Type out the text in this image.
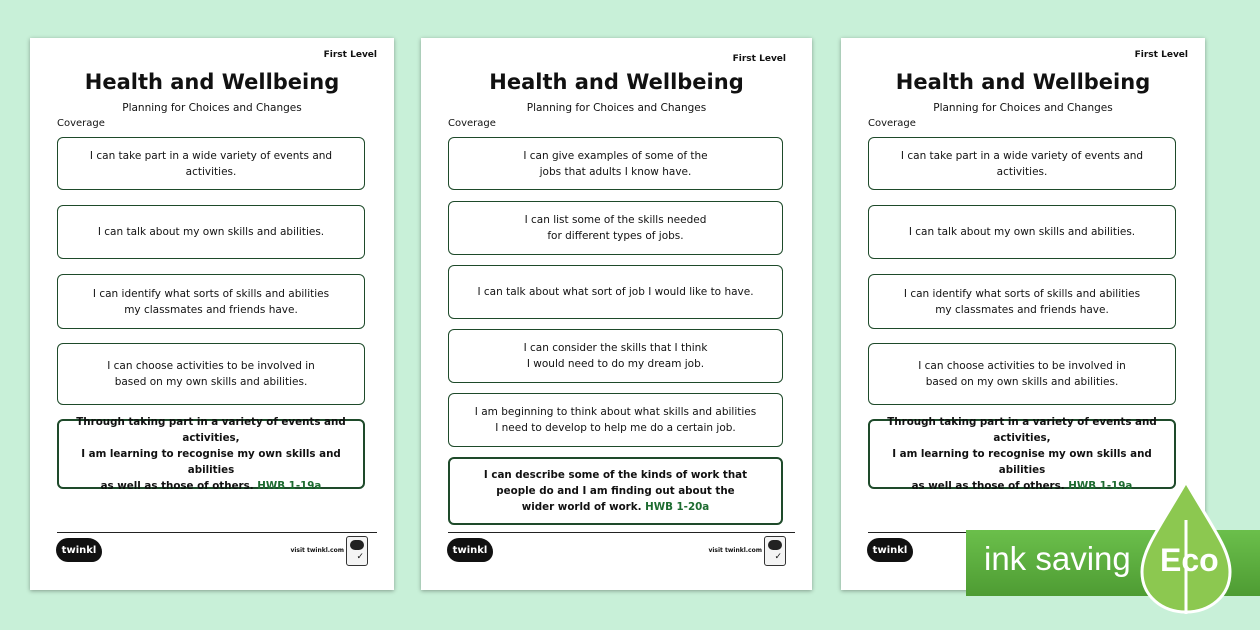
First Level
Health and Wellbeing
Planning for Choices and Changes
Coverage
I can take part in a wide variety of events and activities.
I can talk about my own skills and abilities.
I can identify what sorts of skills and abilities
my classmates and friends have.
I can choose activities to be involved in
based on my own skills and abilities.
Through taking part in a variety of events and activities,
I am learning to recognise my own skills and abilities
as well as those of others. HWB 1-19a
twinkl	visit twinkl.com
✓
First Level
Health and Wellbeing
Planning for Choices and Changes
Coverage
I can give examples of some of the
jobs that adults I know have.
I can list some of the skills needed
for different types of jobs.
I can talk about what sort of job I would like to have.
I can consider the skills that I think
I would need to do my dream job.
I am beginning to think about what skills and abilities
I need to develop to help me do a certain job.
I can describe some of the kinds of work that
people do and I am finding out about the
wider world of work. HWB 1-20a
twinkl	visit twinkl.com
✓
First Level
Health and Wellbeing
Planning for Choices and Changes
Coverage
I can take part in a wide variety of events and activities.
I can talk about my own skills and abilities.
I can identify what sorts of skills and abilities
my classmates and friends have.
I can choose activities to be involved in
based on my own skills and abilities.
Through taking part in a variety of events and activities,
I am learning to recognise my own skills and abilities
as well as those of others. HWB 1-19a
twinkl ink saving Eco
